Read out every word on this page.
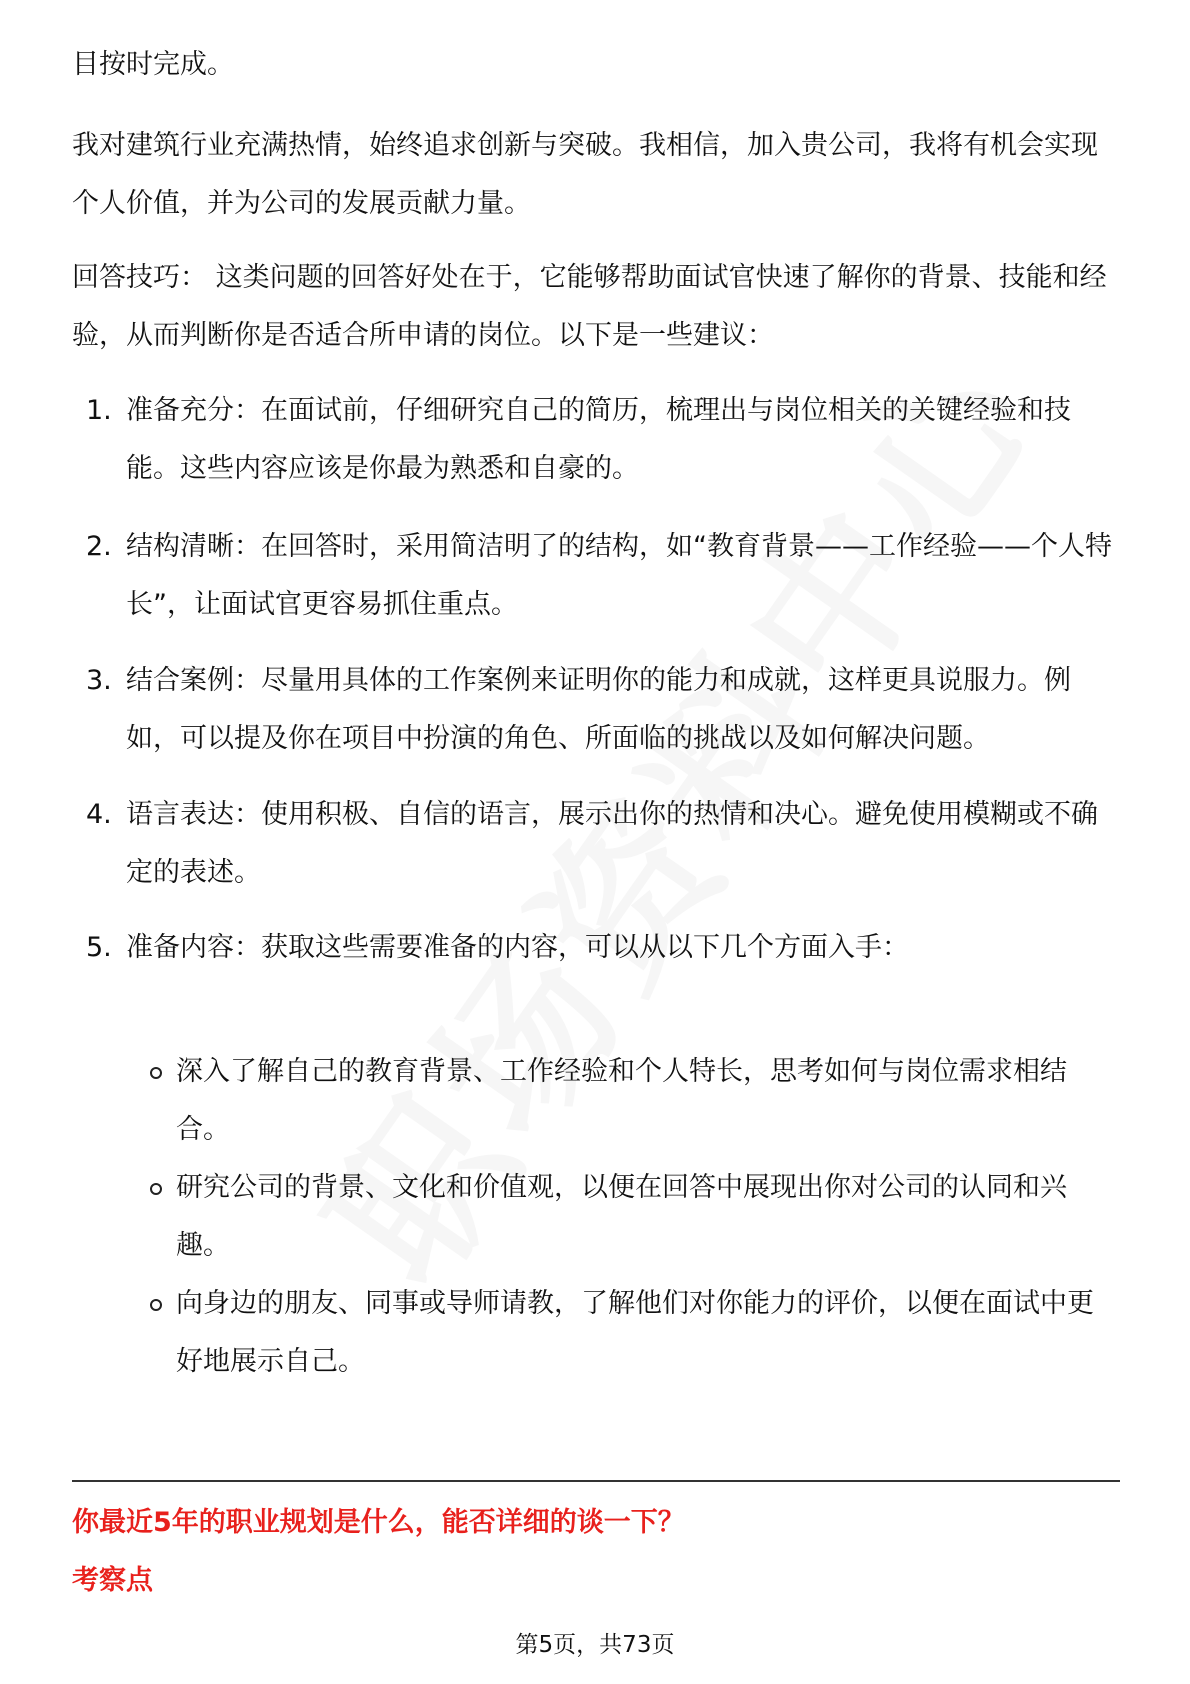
目按时完成。

我对建筑行业充满热情，始终追求创新与突破。我相信，加入贵公司，我将有机会实现个人价值，并为公司的发展贡献力量。

回答技巧： 这类问题的回答好处在于，它能够帮助面试官快速了解你的背景、技能和经验，从而判断你是否适合所申请的岗位。以下是一些建议：

1. 准备充分：在面试前，仔细研究自己的简历，梳理出与岗位相关的关键经验和技能。这些内容应该是你最为熟悉和自豪的。
2. 结构清晰：在回答时，采用简洁明了的结构，如“教育背景——工作经验——个人特长”，让面试官更容易抓住重点。
3. 结合案例：尽量用具体的工作案例来证明你的能力和成就，这样更具说服力。例如，可以提及你在项目中扮演的角色、所面临的挑战以及如何解决问题。
4. 语言表达：使用积极、自信的语言，展示出你的热情和决心。避免使用模糊或不确定的表述。
5. 准备内容：获取这些需要准备的内容，可以从以下几个方面入手：
深入了解自己的教育背景、工作经验和个人特长，思考如何与岗位需求相结合。
研究公司的背景、文化和价值观，以便在回答中展现出你对公司的认同和兴趣。
向身边的朋友、同事或导师请教，了解他们对你能力的评价，以便在面试中更好地展示自己。
你最近5年的职业规划是什么，能否详细的谈一下？
考察点
第5页，共73页
